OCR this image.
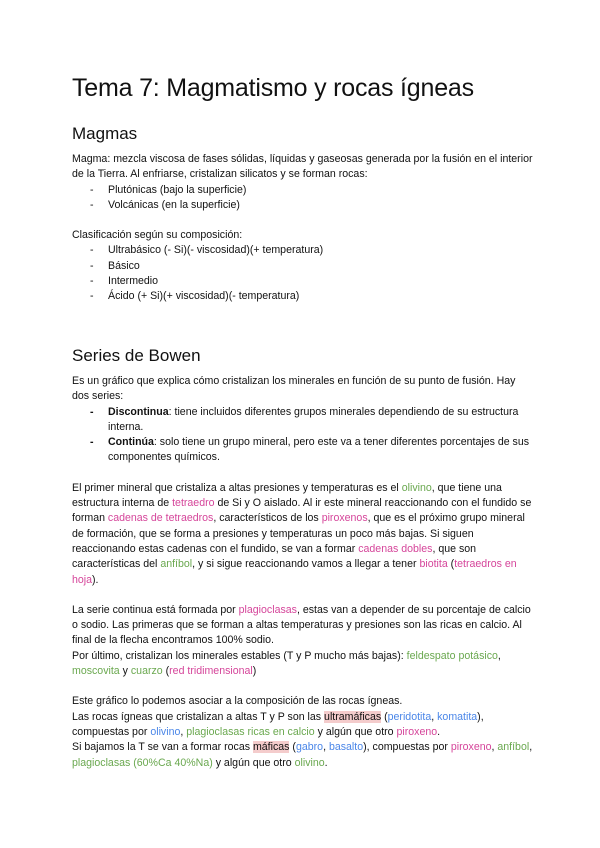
Tema 7: Magmatismo y rocas ígneas
Magmas

Magma: mezcla viscosa de fases sólidas, líquidas y gaseosas generada por la fusión en el interior de la Tierra. Al enfriarse, cristalizan silicatos y se forman rocas:

- Plutónicas (bajo la superficie)
- Volcánicas (en la superficie)

Clasificación según su composición:

- Ultrabásico (- Si)(- viscosidad)(+ temperatura)
- Básico
- Intermedio
- Ácido (+ Si)(+ viscosidad)(- temperatura)
Series de Bowen

Es un gráfico que explica cómo cristalizan los minerales en función de su punto de fusión. Hay dos series:

- Discontinua: tiene incluidos diferentes grupos minerales dependiendo de su estructura interna.
- Continúa: solo tiene un grupo mineral, pero este va a tener diferentes porcentajes de sus componentes químicos.

El primer mineral que cristaliza a altas presiones y temperaturas es el olivino, que tiene una estructura interna de tetraedro de Si y O aislado. Al ir este mineral reaccionando con el fundido se forman cadenas de tetraedros, característicos de los piroxenos, que es el próximo grupo mineral de formación, que se forma a presiones y temperaturas un poco más bajas. Si siguen reaccionando estas cadenas con el fundido, se van a formar cadenas dobles, que son características del anfíbol, y si sigue reaccionando vamos a llegar a tener biotita (tetraedros en hoja).

La serie continua está formada por plagioclasas, estas van a depender de su porcentaje de calcio o sodio. Las primeras que se forman a altas temperaturas y presiones son las ricas en calcio. Al final de la flecha encontramos 100% sodio.

Por último, cristalizan los minerales estables (T y P mucho más bajas): feldespato potásico, moscovita y cuarzo (red tridimensional)

Este gráfico lo podemos asociar a la composición de las rocas ígneas.

Las rocas ígneas que cristalizan a altas T y P son las ultramáficas (peridotita, komatita), compuestas por olivino, plagioclasas ricas en calcio y algún que otro piroxeno.

Si bajamos la T se van a formar rocas máficas (gabro, basalto), compuestas por piroxeno, anfíbol, plagioclasas (60%Ca 40%Na) y algún que otro olivino.
